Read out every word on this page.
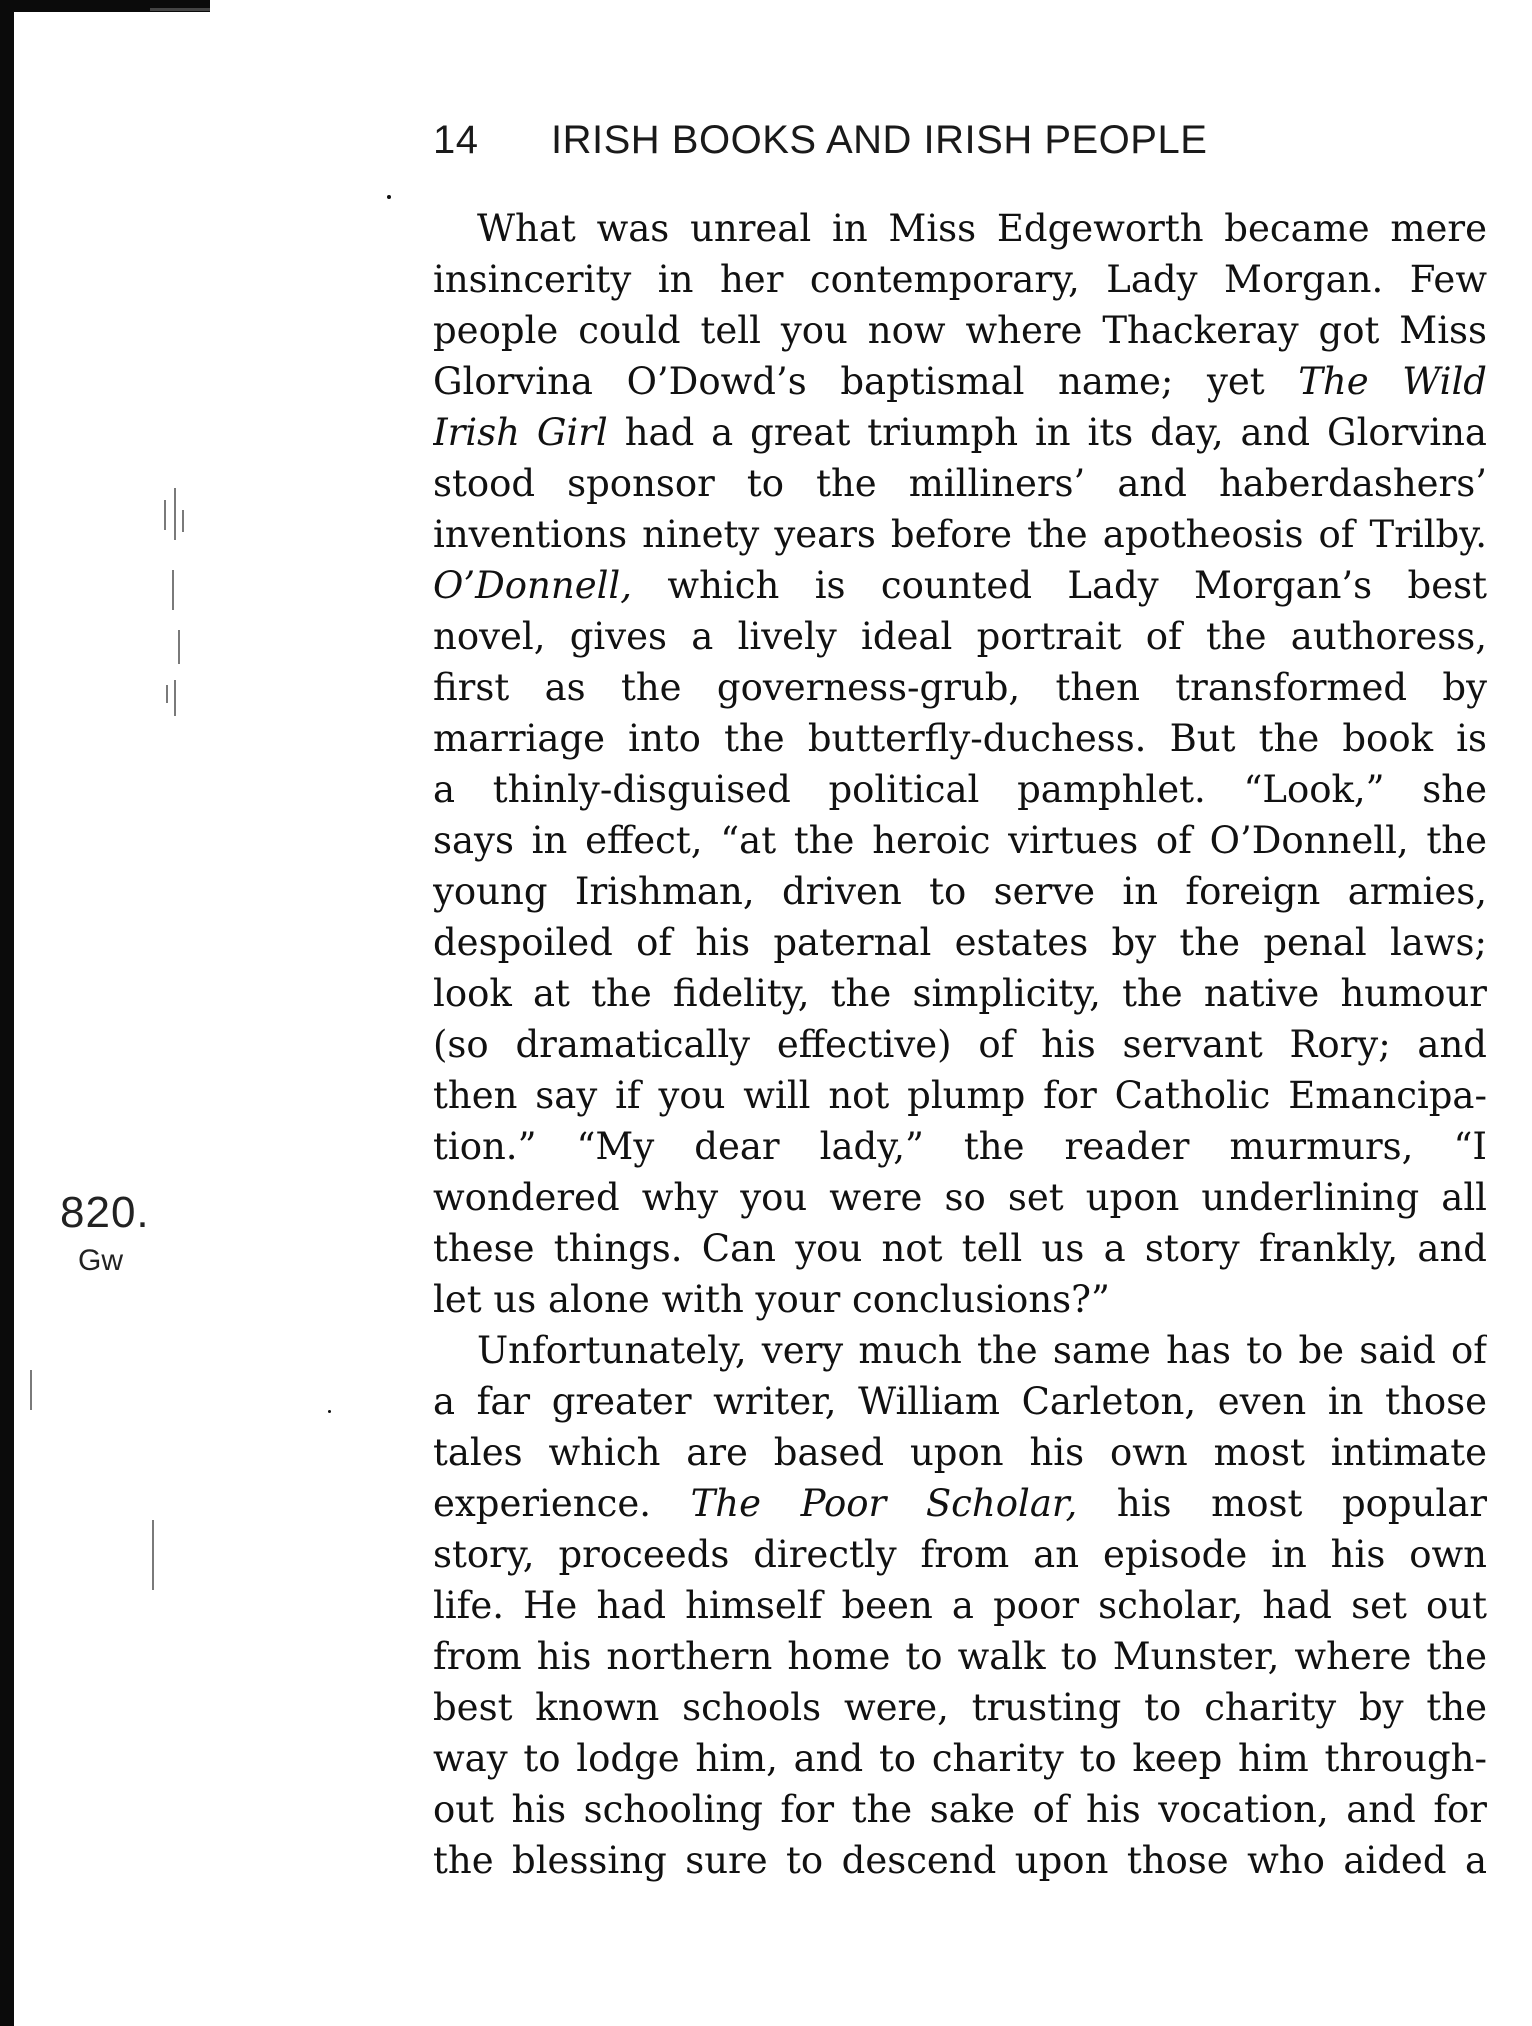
14 IRISH BOOKS AND IRISH PEOPLE
What was unreal in Miss Edgeworth became mere
insincerity in her contemporary, Lady Morgan. Few
people could tell you now where Thackeray got Miss
Glorvina O’Dowd’s baptismal name; yet The Wild
Irish Girl had a great triumph in its day, and Glorvina
stood sponsor to the milliners’ and haberdashers’
inventions ninety years before the apotheosis of Trilby.
O’Donnell, which is counted Lady Morgan’s best
novel, gives a lively ideal portrait of the authoress,
first as the governess-grub, then transformed by
marriage into the butterfly-duchess. But the book is
a thinly-disguised political pamphlet. “Look,” she
says in effect, “at the heroic virtues of O’Donnell, the
young Irishman, driven to serve in foreign armies,
despoiled of his paternal estates by the penal laws;
look at the fidelity, the simplicity, the native humour
(so dramatically effective) of his servant Rory; and
then say if you will not plump for Catholic Emancipa-
tion.” “My dear lady,” the reader murmurs, “I
wondered why you were so set upon underlining all
these things. Can you not tell us a story frankly, and
let us alone with your conclusions?”
Unfortunately, very much the same has to be said of
a far greater writer, William Carleton, even in those
tales which are based upon his own most intimate
experience. The Poor Scholar, his most popular
story, proceeds directly from an episode in his own
life. He had himself been a poor scholar, had set out
from his northern home to walk to Munster, where the
best known schools were, trusting to charity by the
way to lodge him, and to charity to keep him through-
out his schooling for the sake of his vocation, and for
the blessing sure to descend upon those who aided a
820.
Gw
